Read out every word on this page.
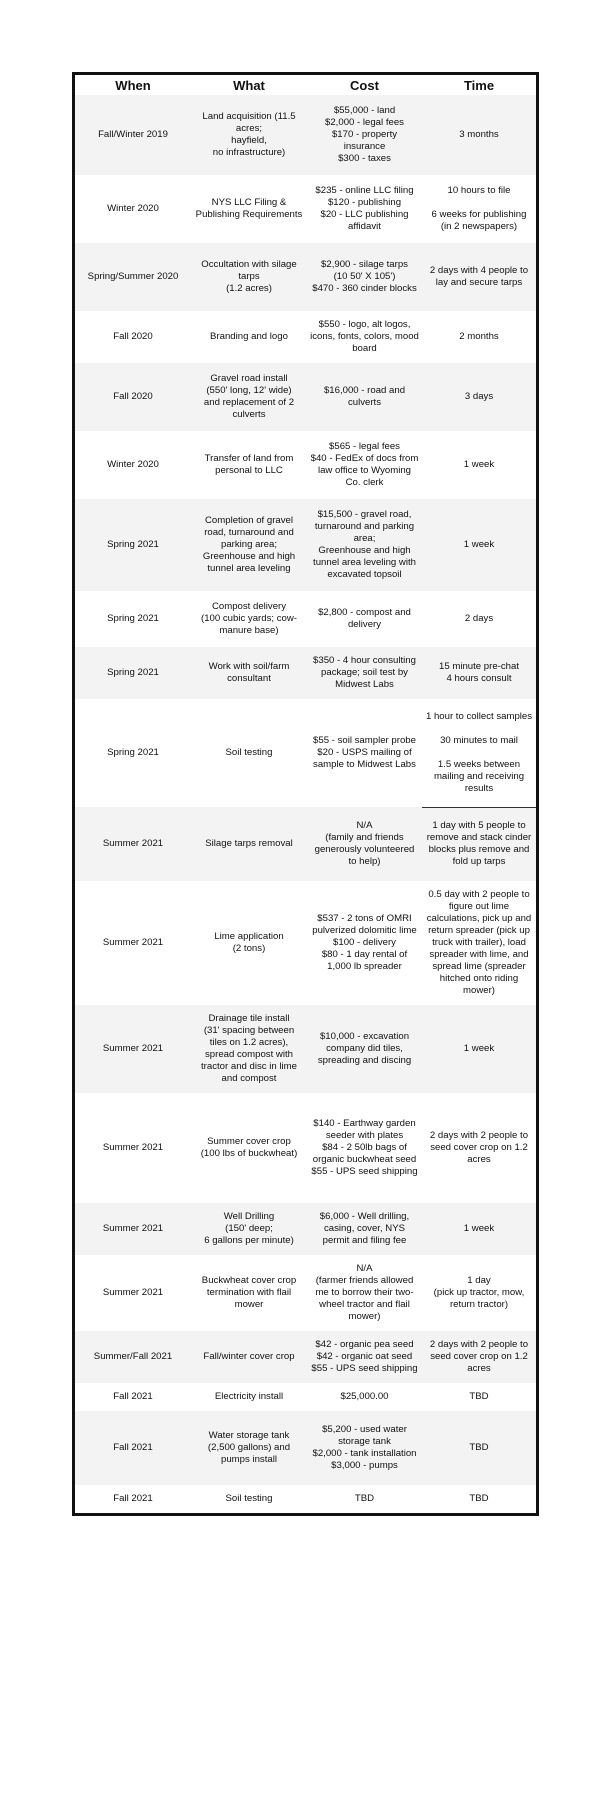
When	What	Cost	Time
Fall/Winter 2019	Land acquisition (11.5 acres;
hayfield,
no infrastructure)	$55,000 - land
$2,000 - legal fees
$170 - property insurance
$300 - taxes	3 months
Winter 2020	NYS LLC Filing & Publishing Requirements	$235 - online LLC filing
$120 - publishing
$20 - LLC publishing affidavit	10 hours to file

6 weeks for publishing (in 2 newspapers)
Spring/Summer 2020	Occultation with silage tarps
(1.2 acres)	$2,900 - silage tarps
(10 50' X 105')
$470 - 360 cinder blocks	2 days with 4 people to lay and secure tarps
Fall 2020	Branding and logo	$550 - logo, alt logos, icons, fonts, colors, mood board	2 months
Fall 2020	Gravel road install
(550' long, 12' wide)
and replacement of 2 culverts	$16,000 - road and culverts	3 days
Winter 2020	Transfer of land from personal to LLC	$565 - legal fees
$40 - FedEx of docs from law office to Wyoming Co. clerk	1 week
Spring 2021	Completion of gravel road, turnaround and parking area;
Greenhouse and high tunnel area leveling	$15,500 - gravel road, turnaround and parking area;
Greenhouse and high tunnel area leveling with excavated topsoil	1 week
Spring 2021	Compost delivery
(100 cubic yards; cow-manure base)	$2,800 - compost and delivery	2 days
Spring 2021	Work with soil/farm consultant	$350 - 4 hour consulting package; soil test by Midwest Labs	15 minute pre-chat
4 hours consult
Spring 2021	Soil testing	$55 - soil sampler probe
$20 - USPS mailing of sample to Midwest Labs	1 hour to collect samples

30 minutes to mail

1.5 weeks between mailing and receiving results
Summer 2021	Silage tarps removal	N/A
(family and friends generously volunteered to help)	1 day with 5 people to remove and stack cinder blocks plus remove and fold up tarps
Summer 2021	Lime application
(2 tons)	$537 - 2 tons of OMRI pulverized dolomitic lime
$100 - delivery
$80 - 1 day rental of 1,000 lb spreader	0.5 day with 2 people to figure out lime calculations, pick up and return spreader (pick up truck with trailer), load spreader with lime, and spread lime (spreader hitched onto riding mower)
Summer 2021	Drainage tile install
(31' spacing between tiles on 1.2 acres), spread compost with tractor and disc in lime and compost	$10,000 - excavation company did tiles, spreading and discing	1 week
Summer 2021	Summer cover crop
(100 lbs of buckwheat)	$140 - Earthway garden seeder with plates
$84 - 2 50lb bags of organic buckwheat seed
$55 - UPS seed shipping	2 days with 2 people to seed cover crop on 1.2 acres
Summer 2021	Well Drilling
(150' deep;
6 gallons per minute)	$6,000 - Well drilling, casing, cover, NYS permit and filing fee	1 week
Summer 2021	Buckwheat cover crop termination with flail mower	N/A
(farmer friends allowed me to borrow their two-wheel tractor and flail mower)	1 day
(pick up tractor, mow, return tractor)
Summer/Fall 2021	Fall/winter cover crop	$42 - organic pea seed
$42 - organic oat seed
$55 - UPS seed shipping	2 days with 2 people to seed cover crop on 1.2 acres
Fall 2021	Electricity install	$25,000.00	TBD
Fall 2021	Water storage tank
(2,500 gallons) and pumps install	$5,200 - used water storage tank
$2,000 - tank installation
$3,000 - pumps	TBD
Fall 2021	Soil testing	TBD	TBD
